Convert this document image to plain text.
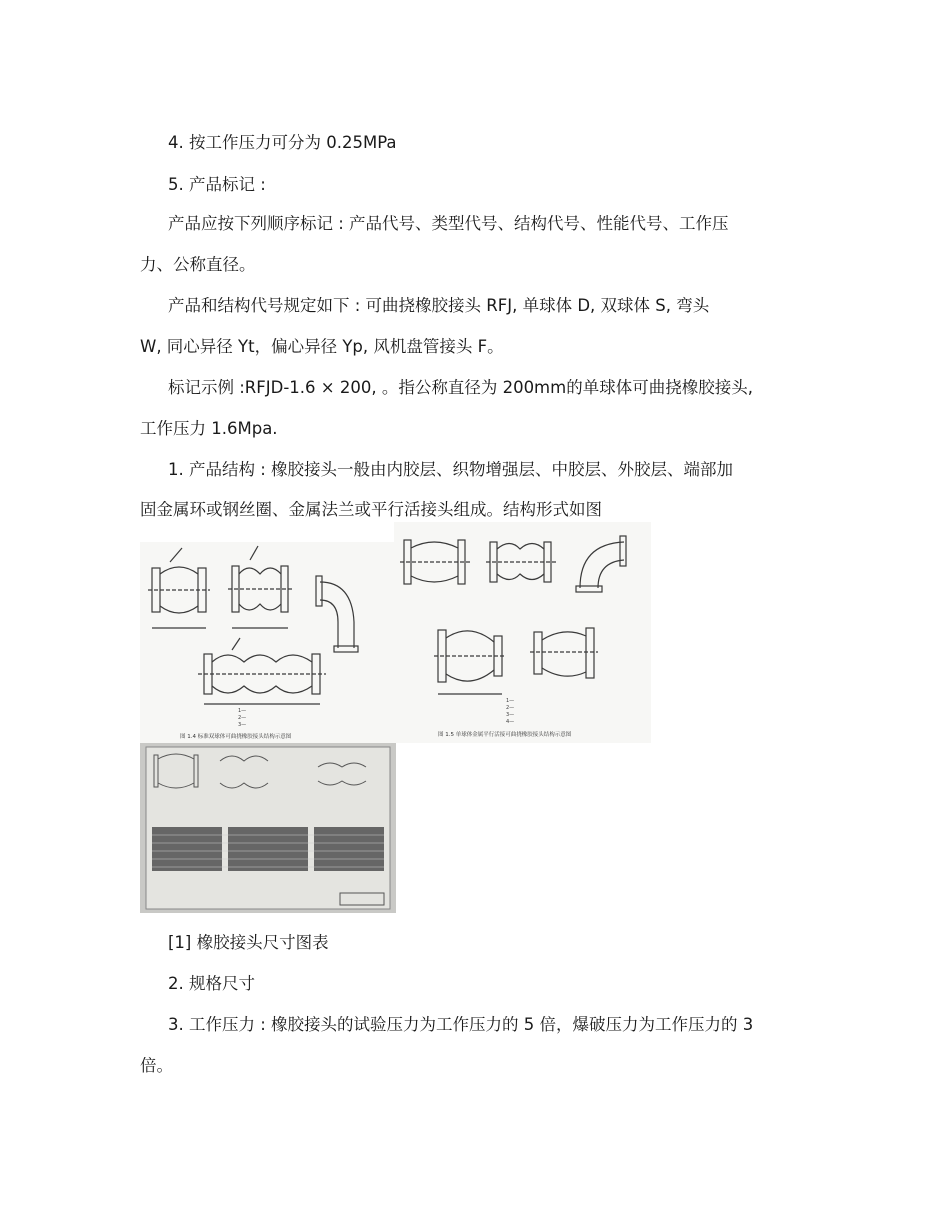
4. 按工作压力可分为 0.25MPa
5. 产品标记 :
产品应按下列顺序标记 : 产品代号、类型代号、结构代号、性能代号、工作压
力、公称直径。
产品和结构代号规定如下 : 可曲挠橡胶接头 RFJ, 单球体 D, 双球体 S, 弯头
W, 同心异径 Yt，偏心异径 Yp, 风机盘管接头 F。
标记示例 :RFJD-1.6 × 200, 。指公称直径为 200mm的单球体可曲挠橡胶接头,
工作压力 1.6Mpa.
1. 产品结构 : 橡胶接头一般由内胶层、织物增强层、中胶层、外胶层、端部加
固金属环或钢丝圈、金属法兰或平行活接头组成。结构形式如图
1—
2—
3—
图 1.4 标准双球体可曲挠橡胶接头结构示意图
1—
2—
3—
4—
图 1.5 单球体金属平行活接可曲挠橡胶接头结构示意图
[1] 橡胶接头尺寸图表
2. 规格尺寸
3. 工作压力 : 橡胶接头的试验压力为工作压力的 5 倍，爆破压力为工作压力的 3
倍。
